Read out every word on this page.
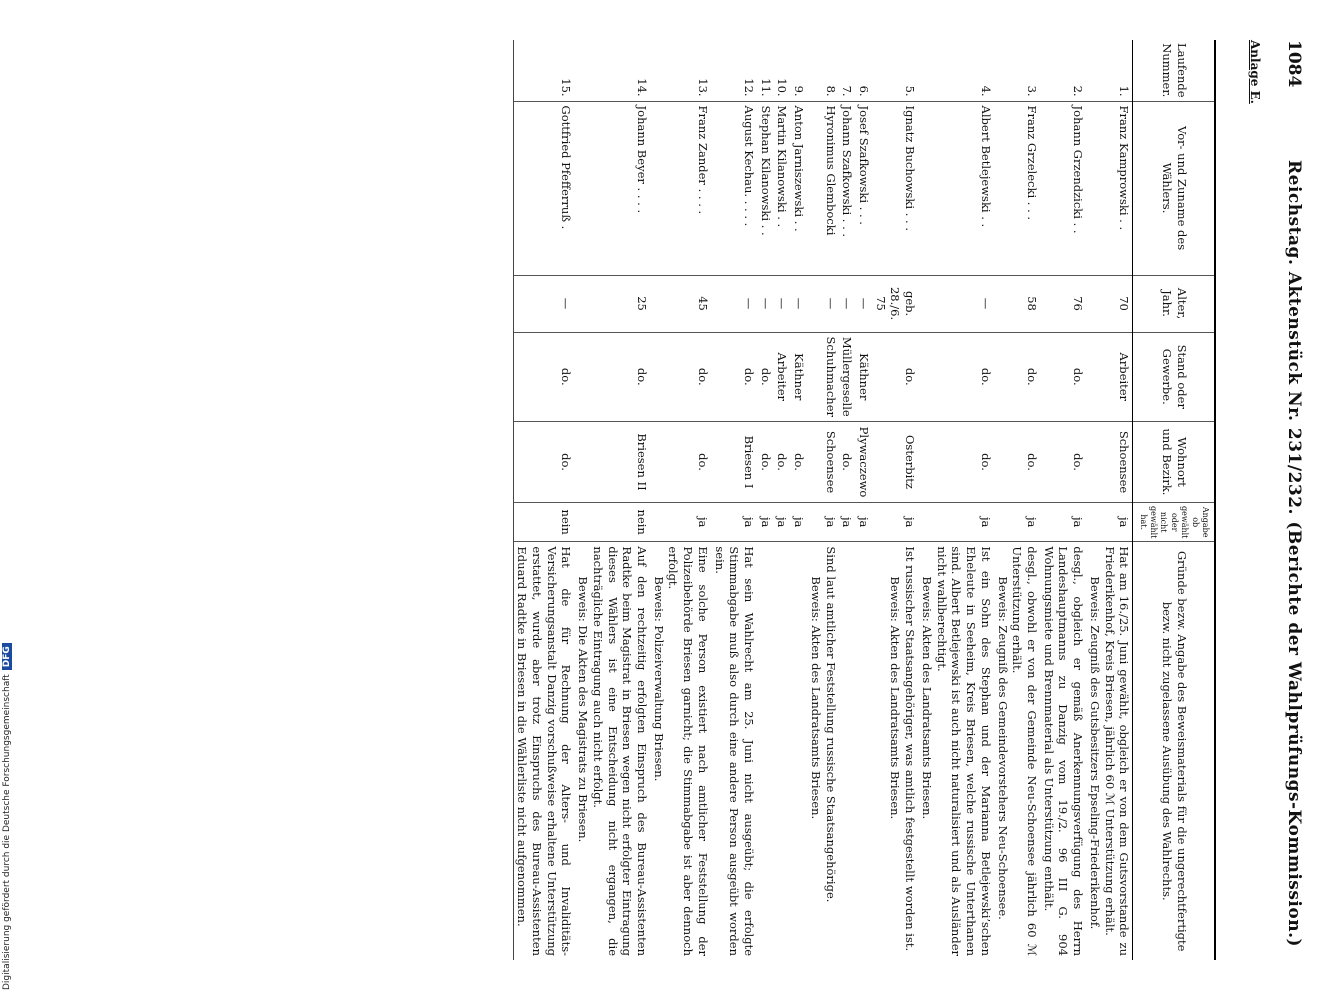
Digitalisierung gefördert durch die Deutsche Forschungsgemeinschaft
DFG
1084
Reichstag. Aktenstück Nr. 231/232. (Berichte der Wahlprüfungs-Kommission.)
Anlage E.
Laufende Nummer.	Vor- und Zuname des Wählers.	Alter, Jahr.	Stand oder Gewerbe.	Wohnort und Bezirk.	Angabe ob gewählt oder nicht gewählt hat.	Gründe bezw. Angabe des Beweismaterials für die ungerechtfertigte bezw. nicht zugelassene Ausübung des Wahlrechts.
1.	Franz Kamprowski . .	70	Arbeiter	Schoensee	ja	Hat am 16./25. Juni gewählt, obgleich er von dem Gutsvorstande zu Friederikenhof, Kreis Briesen, jährlich 60 ℳ Unterstützung erhält.
Beweis: Zeugniß des Gutsbesitzers Epseling-Friederikenhof.

2.	Johann Grzendzicki . .	76	do.	do.	ja	desgl., obgleich er gemäß Anerkennungsverfügung des Herrn Landeshauptmanns zu Danzig vom 19./2. 96 III G. 904 Wohnungsmiete und Brennmaterial als Unterstützung enthält.
3.	Franz Grzelecki . . .	58	do.	do.	ja	desgl., obwohl er von der Gemeinde Neu-Schoensee jährlich 60 ℳ Unterstützung erhält.
Beweis: Zeugniß des Gemeindevorstehers Neu-Schoensee.

4.	Albert Betlejewski . .	—	do.	do.	ja	Ist ein Sohn des Stephan und der Marianna Betlejewski’schen Eheleute in Seeheim, Kreis Briesen, welche russische Unterthanen sind. Albert Betlejewski ist auch nicht naturalisiert und als Ausländer nicht wahlberechtigt.
Beweis: Akten des Landratsamts Briesen.

5.	Ignatz Buchowski . . .	geb. 28./6. 75	do.	Osterbitz	ja	Ist russischer Staatsangehöriger, was amtlich festgestellt worden ist.
Beweis: Akten des Landratsamts Briesen.

6.	Josef Szafkowski . . .	—	Käthner	Plywaczewo	ja	
7.	Johann Szafkowski . . .	—	Müllergeselle	do.	ja	
8.	Hyronimus Glembocki	—	Schuhmacher	Schoensee	ja	Sind laut amtlicher Feststellung russische Staatsangehörige.
Beweis: Akten des Landratsamts Briesen.

9.	Anton Jarniszewski . .	—	Käthner	do.	ja	
10.	Martin Kilanowski . .	—	Arbeiter	do.	ja	
11.	Stephan Kilanowski . .	—	do.	do.	ja	
12.	August Kechau. . . . .	—	do.	Briesen I	ja	Hat sein Wahlrecht am 25. Juni nicht ausgeübt; die erfolgte Stimmabgabe muß also durch eine andere Person ausgeübt worden sein.
13.	Franz Zander . . . .	45	do.	do.	ja	Eine solche Person existiert nach amtlicher Feststellung der Polizeibehörde Briesen garnicht; die Stimmabgabe ist aber dennoch erfolgt.
Beweis: Polizeiverwaltung Briesen.

14.	Johann Beyer . . . .	25	do.	Briesen II	nein	Auf den rechtzeitig erfolgten Einspruch des Bureau-Assistenten Radtke beim Magistrat in Briesen wegen nicht erfolgter Eintragung dieses Wählers ist eine Entscheidung nicht ergangen, die nachträgliche Eintragung auch nicht erfolgt.
Beweis: Die Akten des Magistrats zu Briesen.

15.	Gottfried Pfefferruß .	—	do.	do.	nein	Hat die für Rechnung der Alters- und Invaliditäts-Versicherungsanstalt Danzig vorschußweise erhaltene Unterstützung erstattet, wurde aber trotz Einspruchs des Bureau-Assistenten Eduard Radtke in Briesen in die Wählerliste nicht aufgenommen.
